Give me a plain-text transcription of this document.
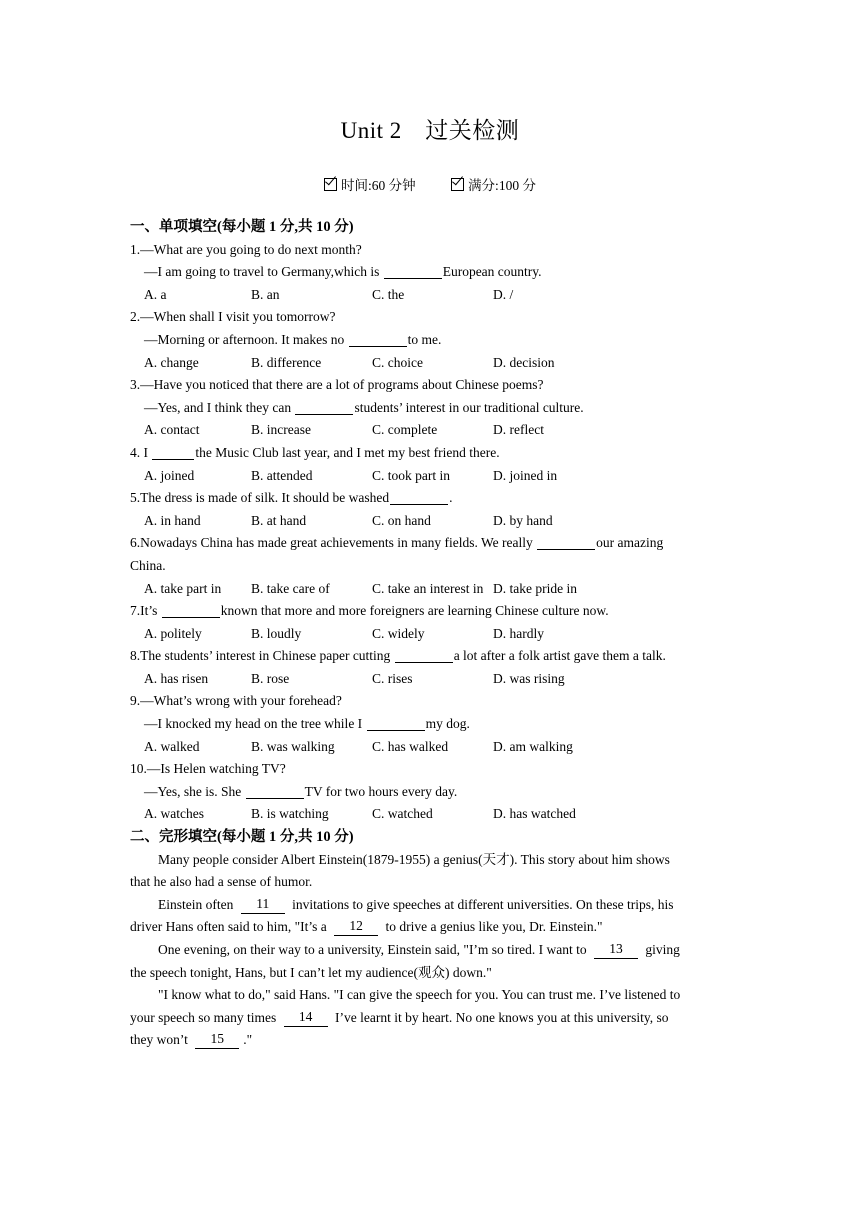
Unit 2　过关检测
时间:60 分钟	满分:100 分
一、单项填空(每小题 1 分,共 10 分)
1.—What are you going to do next month?
—I am going to travel to Germany,which is	European country.
A. a	B. an	C. the	D. /
2.—When shall I visit you tomorrow?
—Morning or afternoon. It makes no	to me.
A. change	B. difference	C. choice	D. decision
3.—Have you noticed that there are a lot of programs about Chinese poems?
—Yes, and I think they can	students’ interest in our traditional culture.
A. contact	B. increase	C. complete	D. reflect
4. I	the Music Club last year, and I met my best friend there.
A. joined	B. attended	C. took part in	D. joined in
5.The dress is made of silk. It should be washed	.
A. in hand	B. at hand	C. on hand	D. by hand
6.Nowadays China has made great achievements in many fields. We really	our amazing
China.
A. take part in B. take care of	C. take an interest in D. take pride in
7.It’s	known that more and more foreigners are learning Chinese culture now.
A. politely	B. loudly	C. widely	D. hardly
8.The students’ interest in Chinese paper cutting	a lot after a folk artist gave them a talk.
A. has risen	B. rose	C. rises	D. was rising
9.—What’s wrong with your forehead?
—I knocked my head on the tree while I	my dog.
A. walked	B. was walking	C. has walked	D. am walking
10.—Is Helen watching TV?
—Yes, she is. She	TV for two hours every day.
A. watches	B. is watching	C. watched	D. has watched
二、完形填空(每小题 1 分,共 10 分)
Many people consider Albert Einstein(1879-1955) a genius(天才). This story about him shows
that he also had a sense of humor.
Einstein often 11 invitations to give speeches at different universities. On these trips, his
driver Hans often said to him, "It’s a 12 to drive a genius like you, Dr. Einstein."
One evening, on their way to a university, Einstein said, "I’m so tired. I want to 13 giving
the speech tonight, Hans, but I can’t let my audience(观众) down."
"I know what to do," said Hans. "I can give the speech for you. You can trust me. I’ve listened to
your speech so many times 14 I’ve learnt it by heart. No one knows you at this university, so
they won’t 15 ."
